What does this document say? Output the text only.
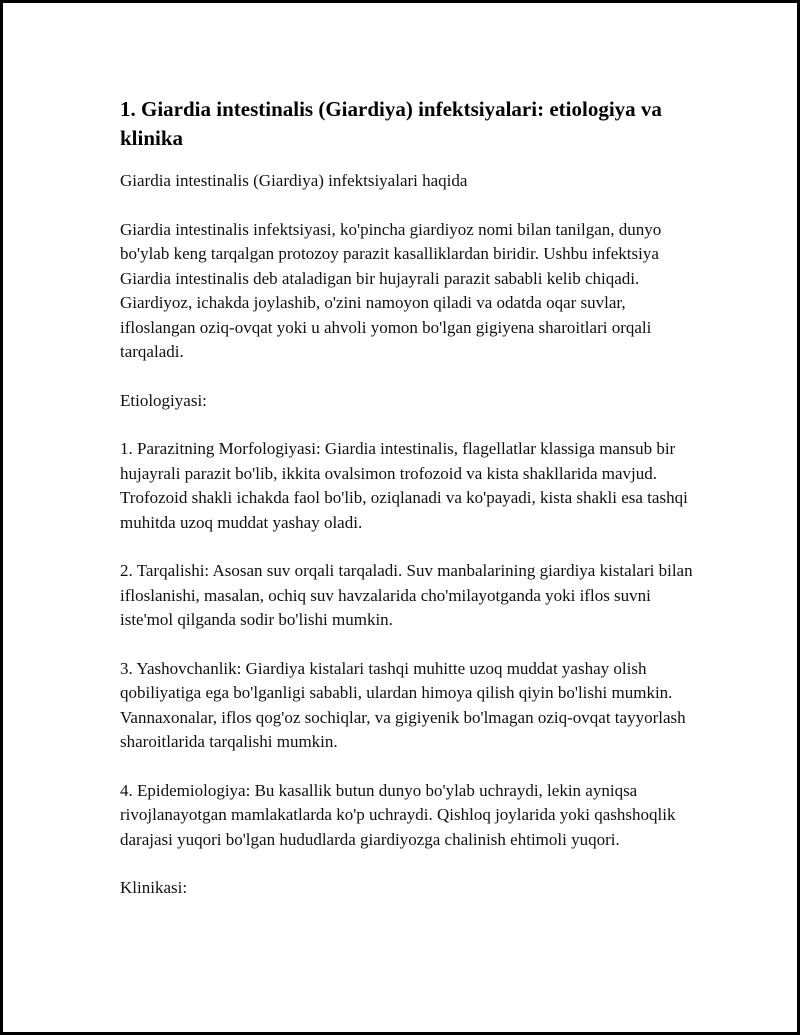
1. Giardia intestinalis (Giardiya) infektsiyalari: etiologiya va klinika

Giardia intestinalis (Giardiya) infektsiyalari haqida

Giardia intestinalis infektsiyasi, ko'pincha giardiyoz nomi bilan tanilgan, dunyo bo'ylab keng tarqalgan protozoy parazit kasalliklardan biridir. Ushbu infektsiya Giardia intestinalis deb ataladigan bir hujayrali parazit sababli kelib chiqadi. Giardiyoz, ichakda joylashib, o'zini namoyon qiladi va odatda oqar suvlar, ifloslangan oziq-ovqat yoki u ahvoli yomon bo'lgan gigiyena sharoitlari orqali tarqaladi.

Etiologiyasi:

1. Parazitning Morfologiyasi: Giardia intestinalis, flagellatlar klassiga mansub bir hujayrali parazit bo'lib, ikkita ovalsimon trofozoid va kista shakllarida mavjud. Trofozoid shakli ichakda faol bo'lib, oziqlanadi va ko'payadi, kista shakli esa tashqi muhitda uzoq muddat yashay oladi.

2. Tarqalishi: Asosan suv orqali tarqaladi. Suv manbalarining giardiya kistalari bilan ifloslanishi, masalan, ochiq suv havzalarida cho'milayotganda yoki iflos suvni iste'mol qilganda sodir bo'lishi mumkin.

3. Yashovchanlik: Giardiya kistalari tashqi muhitte uzoq muddat yashay olish qobiliyatiga ega bo'lganligi sababli, ulardan himoya qilish qiyin bo'lishi mumkin. Vannaxonalar, iflos qog'oz sochiqlar, va gigiyenik bo'lmagan oziq-ovqat tayyorlash sharoitlarida tarqalishi mumkin.

4. Epidemiologiya: Bu kasallik butun dunyo bo'ylab uchraydi, lekin ayniqsa rivojlanayotgan mamlakatlarda ko'p uchraydi. Qishloq joylarida yoki qashshoqlik darajasi yuqori bo'lgan hududlarda giardiyozga chalinish ehtimoli yuqori.

Klinikasi:
